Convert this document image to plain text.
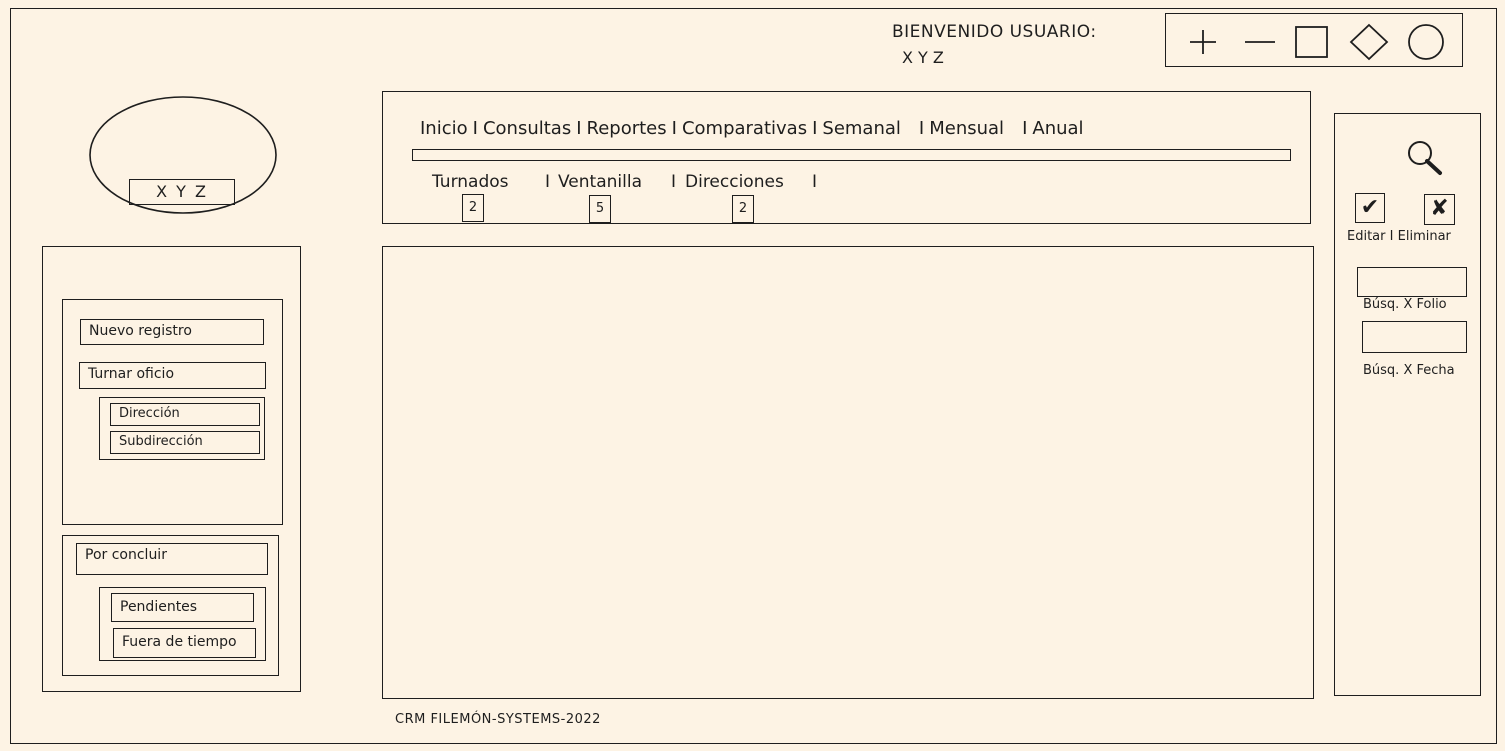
BIENVENIDO USUARIO:
X Y Z
X Y Z
Inicio I Consultas I Reportes I Comparativas I Semanal I Mensual I Anual
Turnados I Ventanilla I Direcciones I
2	5	2
Nuevo registro
Turnar oficio
Dirección
Subdirección
Por concluir
Pendientes
Fuera de tiempo
✔ ✘
Editar I Eliminar
Búsq. X Folio
Búsq. X Fecha
CRM FILEMÓN-SYSTEMS-2022
